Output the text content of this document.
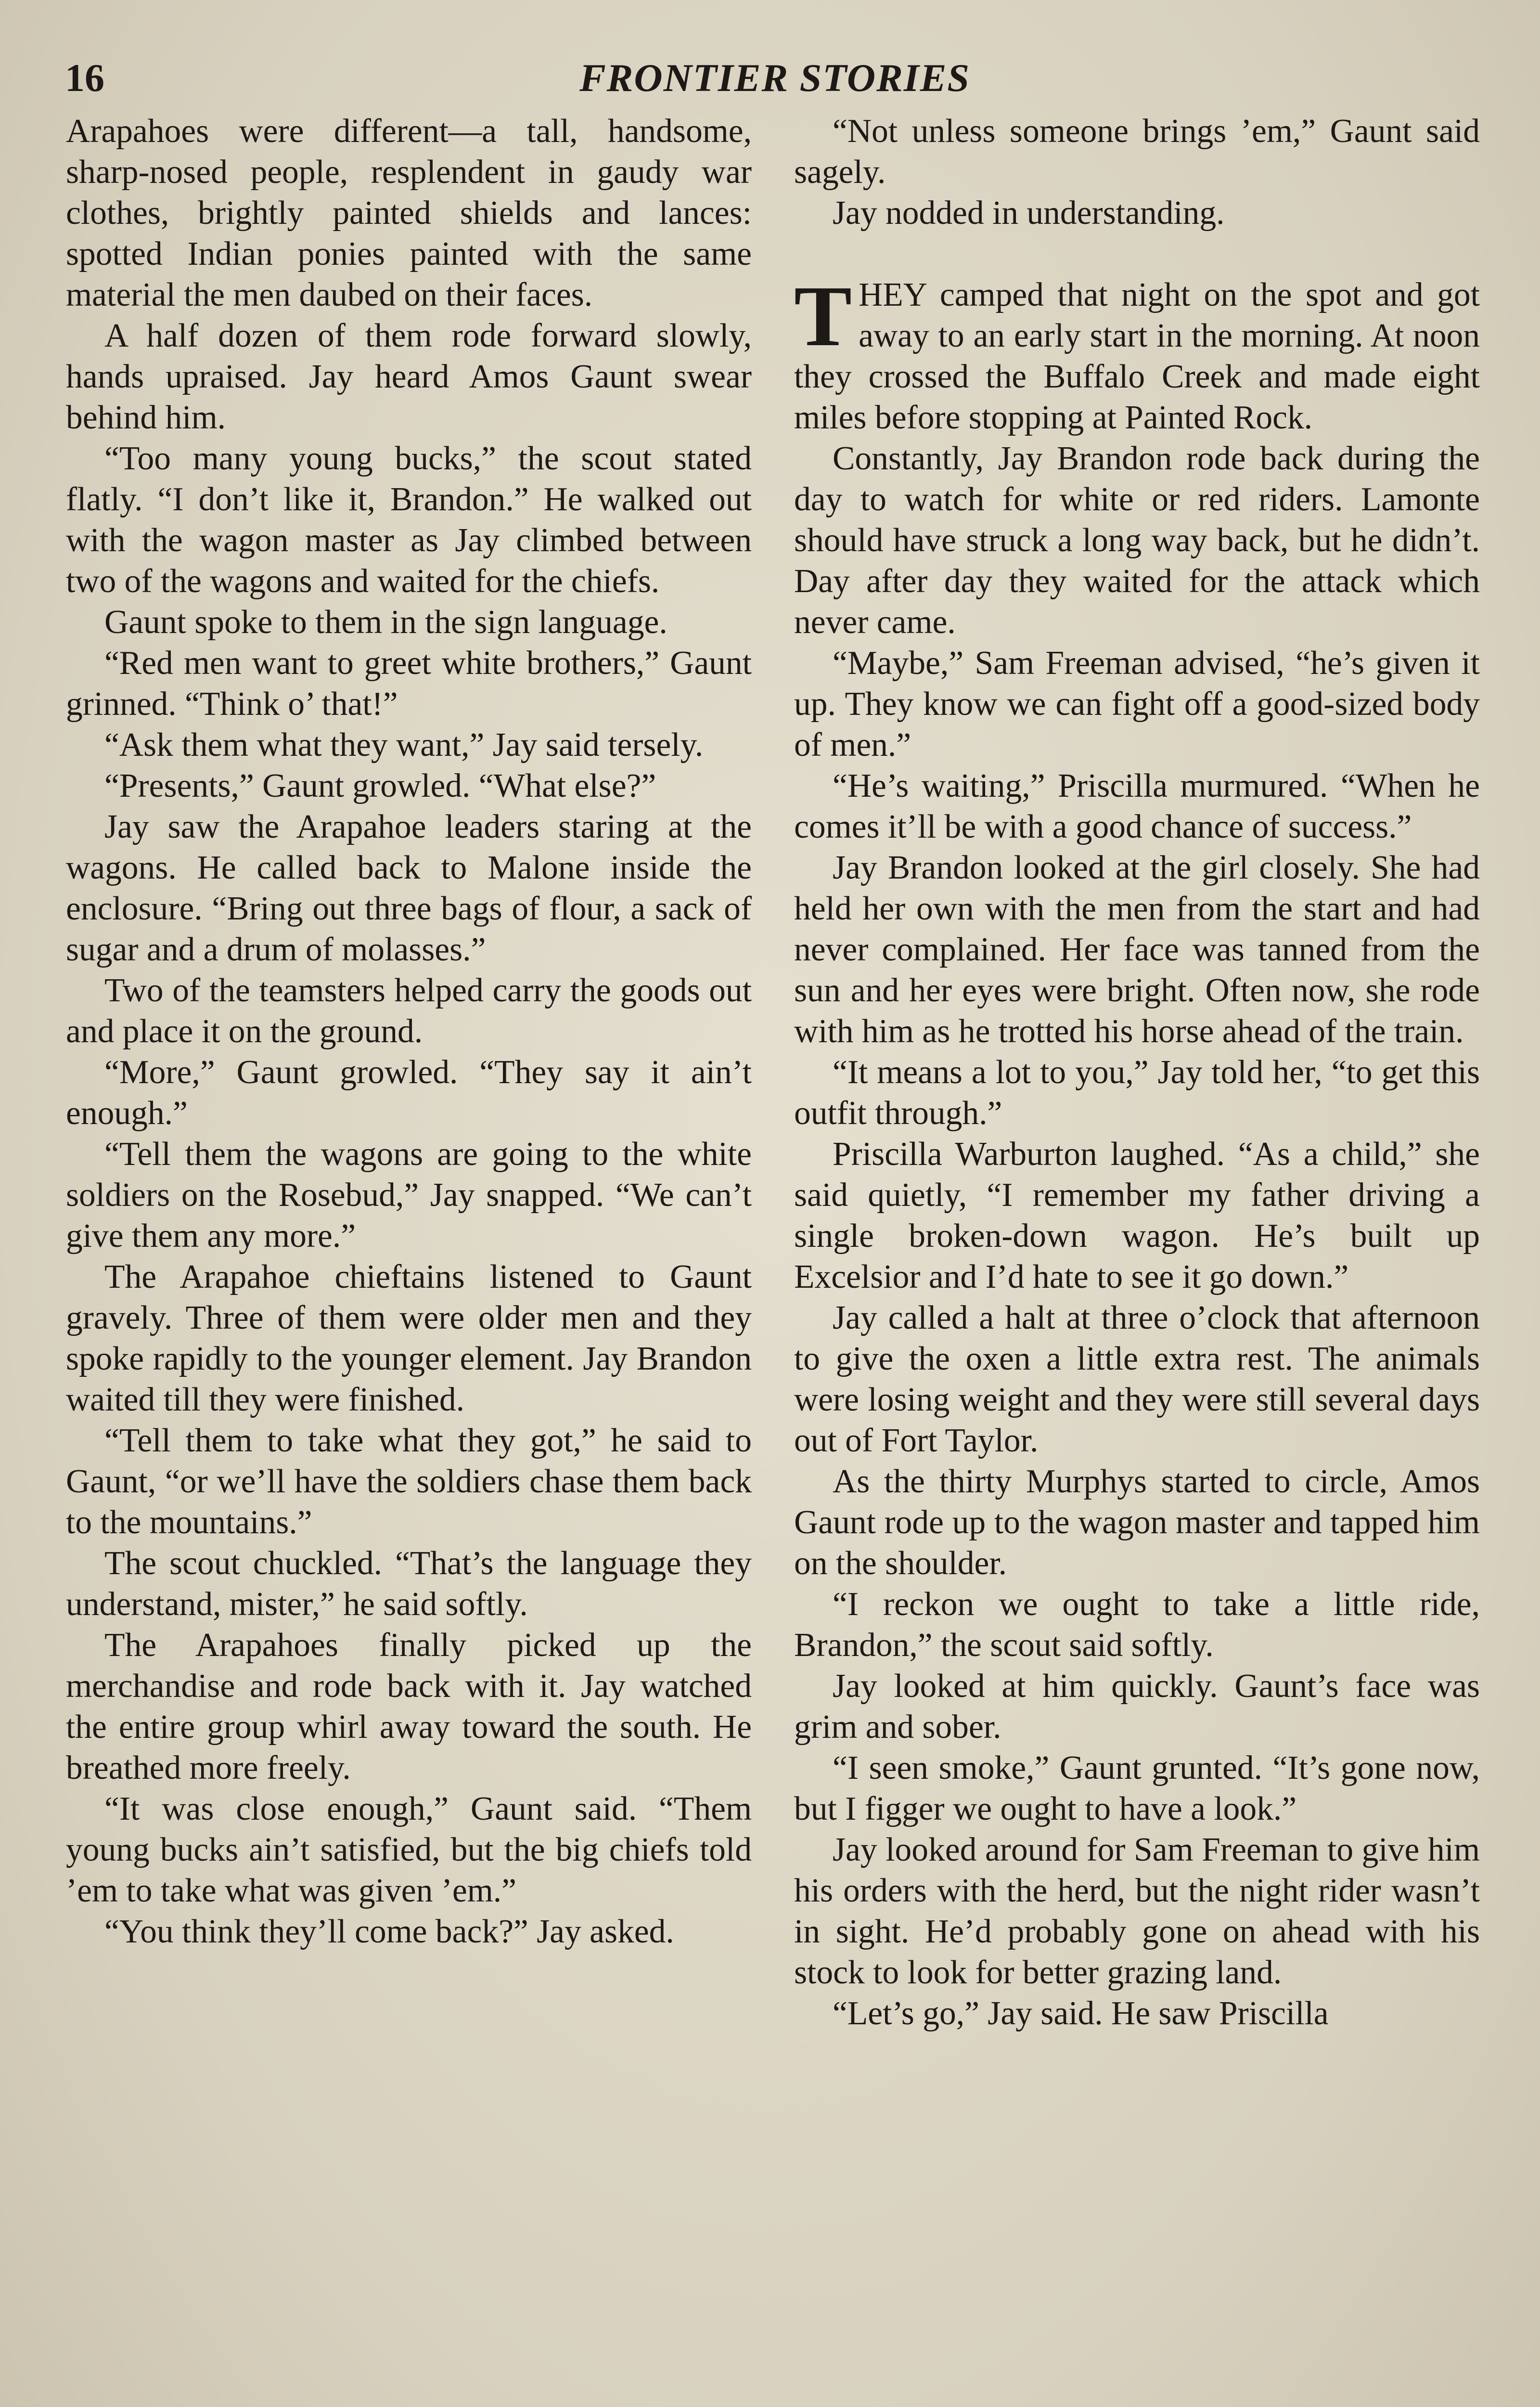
16	FRONTIER STORIES

Arapahoes were different—a tall, handsome, sharp-nosed people, resplendent in gaudy war clothes, brightly painted shields and lances: spotted Indian ponies painted with the same material the men daubed on their faces.

A half dozen of them rode forward slowly, hands upraised. Jay heard Amos Gaunt swear behind him.

“Too many young bucks,” the scout stated flatly. “I don’t like it, Brandon.” He walked out with the wagon master as Jay climbed between two of the wagons and waited for the chiefs.

Gaunt spoke to them in the sign language.

“Red men want to greet white brothers,” Gaunt grinned. “Think o’ that!”

“Ask them what they want,” Jay said tersely.

“Presents,” Gaunt growled. “What else?”

Jay saw the Arapahoe leaders staring at the wagons. He called back to Malone inside the enclosure. “Bring out three bags of flour, a sack of sugar and a drum of molasses.”

Two of the teamsters helped carry the goods out and place it on the ground.

“More,” Gaunt growled. “They say it ain’t enough.”

“Tell them the wagons are going to the white soldiers on the Rosebud,” Jay snapped. “We can’t give them any more.”

The Arapahoe chieftains listened to Gaunt gravely. Three of them were older men and they spoke rapidly to the younger element. Jay Brandon waited till they were finished.

“Tell them to take what they got,” he said to Gaunt, “or we’ll have the soldiers chase them back to the mountains.”

The scout chuckled. “That’s the language they understand, mister,” he said softly.

The Arapahoes finally picked up the merchandise and rode back with it. Jay watched the entire group whirl away toward the south. He breathed more freely.

“It was close enough,” Gaunt said. “Them young bucks ain’t satisfied, but the big chiefs told ’em to take what was given ’em.”

“You think they’ll come back?” Jay asked.

“Not unless someone brings ’em,” Gaunt said sagely.

Jay nodded in understanding.

THEY camped that night on the spot and got away to an early start in the morning. At noon they crossed the Buffalo Creek and made eight miles before stopping at Painted Rock.

Constantly, Jay Brandon rode back during the day to watch for white or red riders. Lamonte should have struck a long way back, but he didn’t. Day after day they waited for the attack which never came.

“Maybe,” Sam Freeman advised, “he’s given it up. They know we can fight off a good-sized body of men.”

“He’s waiting,” Priscilla murmured. “When he comes it’ll be with a good chance of success.”

Jay Brandon looked at the girl closely. She had held her own with the men from the start and had never complained. Her face was tanned from the sun and her eyes were bright. Often now, she rode with him as he trotted his horse ahead of the train.

“It means a lot to you,” Jay told her, “to get this outfit through.”

Priscilla Warburton laughed. “As a child,” she said quietly, “I remember my father driving a single broken-down wagon. He’s built up Excelsior and I’d hate to see it go down.”

Jay called a halt at three o’clock that afternoon to give the oxen a little extra rest. The animals were losing weight and they were still several days out of Fort Taylor.

As the thirty Murphys started to circle, Amos Gaunt rode up to the wagon master and tapped him on the shoulder.

“I reckon we ought to take a little ride, Brandon,” the scout said softly.

Jay looked at him quickly. Gaunt’s face was grim and sober.

“I seen smoke,” Gaunt grunted. “It’s gone now, but I figger we ought to have a look.”

Jay looked around for Sam Freeman to give him his orders with the herd, but the night rider wasn’t in sight. He’d probably gone on ahead with his stock to look for better grazing land.

“Let’s go,” Jay said. He saw Priscilla
